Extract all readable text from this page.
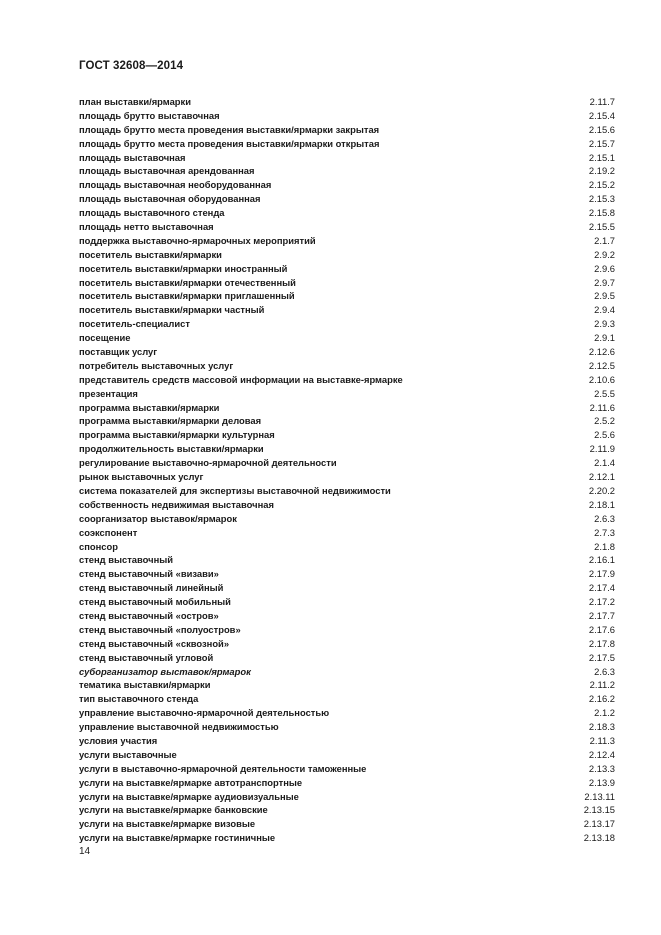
ГОСТ 32608—2014
план выставки/ярмарки	2.11.7
площадь брутто выставочная	2.15.4
площадь брутто места проведения выставки/ярмарки закрытая	2.15.6
площадь брутто места проведения выставки/ярмарки открытая	2.15.7
площадь выставочная	2.15.1
площадь выставочная арендованная	2.19.2
площадь выставочная необорудованная	2.15.2
площадь выставочная оборудованная	2.15.3
площадь выставочного стенда	2.15.8
площадь нетто выставочная	2.15.5
поддержка выставочно-ярмарочных мероприятий	2.1.7
посетитель выставки/ярмарки	2.9.2
посетитель выставки/ярмарки иностранный	2.9.6
посетитель выставки/ярмарки отечественный	2.9.7
посетитель выставки/ярмарки приглашенный	2.9.5
посетитель выставки/ярмарки частный	2.9.4
посетитель-специалист	2.9.3
посещение	2.9.1
поставщик услуг	2.12.6
потребитель выставочных услуг	2.12.5
представитель средств массовой информации на выставке-ярмарке	2.10.6
презентация	2.5.5
программа выставки/ярмарки	2.11.6
программа выставки/ярмарки деловая	2.5.2
программа выставки/ярмарки культурная	2.5.6
продолжительность выставки/ярмарки	2.11.9
регулирование выставочно-ярмарочной деятельности	2.1.4
рынок выставочных услуг	2.12.1
система показателей для экспертизы выставочной недвижимости	2.20.2
собственность недвижимая выставочная	2.18.1
соорганизатор выставок/ярмарок	2.6.3
соэкспонент	2.7.3
спонсор	2.1.8
стенд выставочный	2.16.1
стенд выставочный «визави»	2.17.9
стенд выставочный линейный	2.17.4
стенд выставочный мобильный	2.17.2
стенд выставочный «остров»	2.17.7
стенд выставочный «полуостров»	2.17.6
стенд выставочный «сквозной»	2.17.8
стенд выставочный угловой	2.17.5
суборганизатор выставок/ярмарок	2.6.3
тематика выставки/ярмарки	2.11.2
тип выставочного стенда	2.16.2
управление выставочно-ярмарочной деятельностью	2.1.2
управление выставочной недвижимостью	2.18.3
условия участия	2.11.3
услуги выставочные	2.12.4
услуги в выставочно-ярмарочной деятельности таможенные	2.13.3
услуги на выставке/ярмарке автотранспортные	2.13.9
услуги на выставке/ярмарке аудиовизуальные	2.13.11
услуги на выставке/ярмарке банковские	2.13.15
услуги на выставке/ярмарке визовые	2.13.17
услуги на выставке/ярмарке гостиничные	2.13.18
14
